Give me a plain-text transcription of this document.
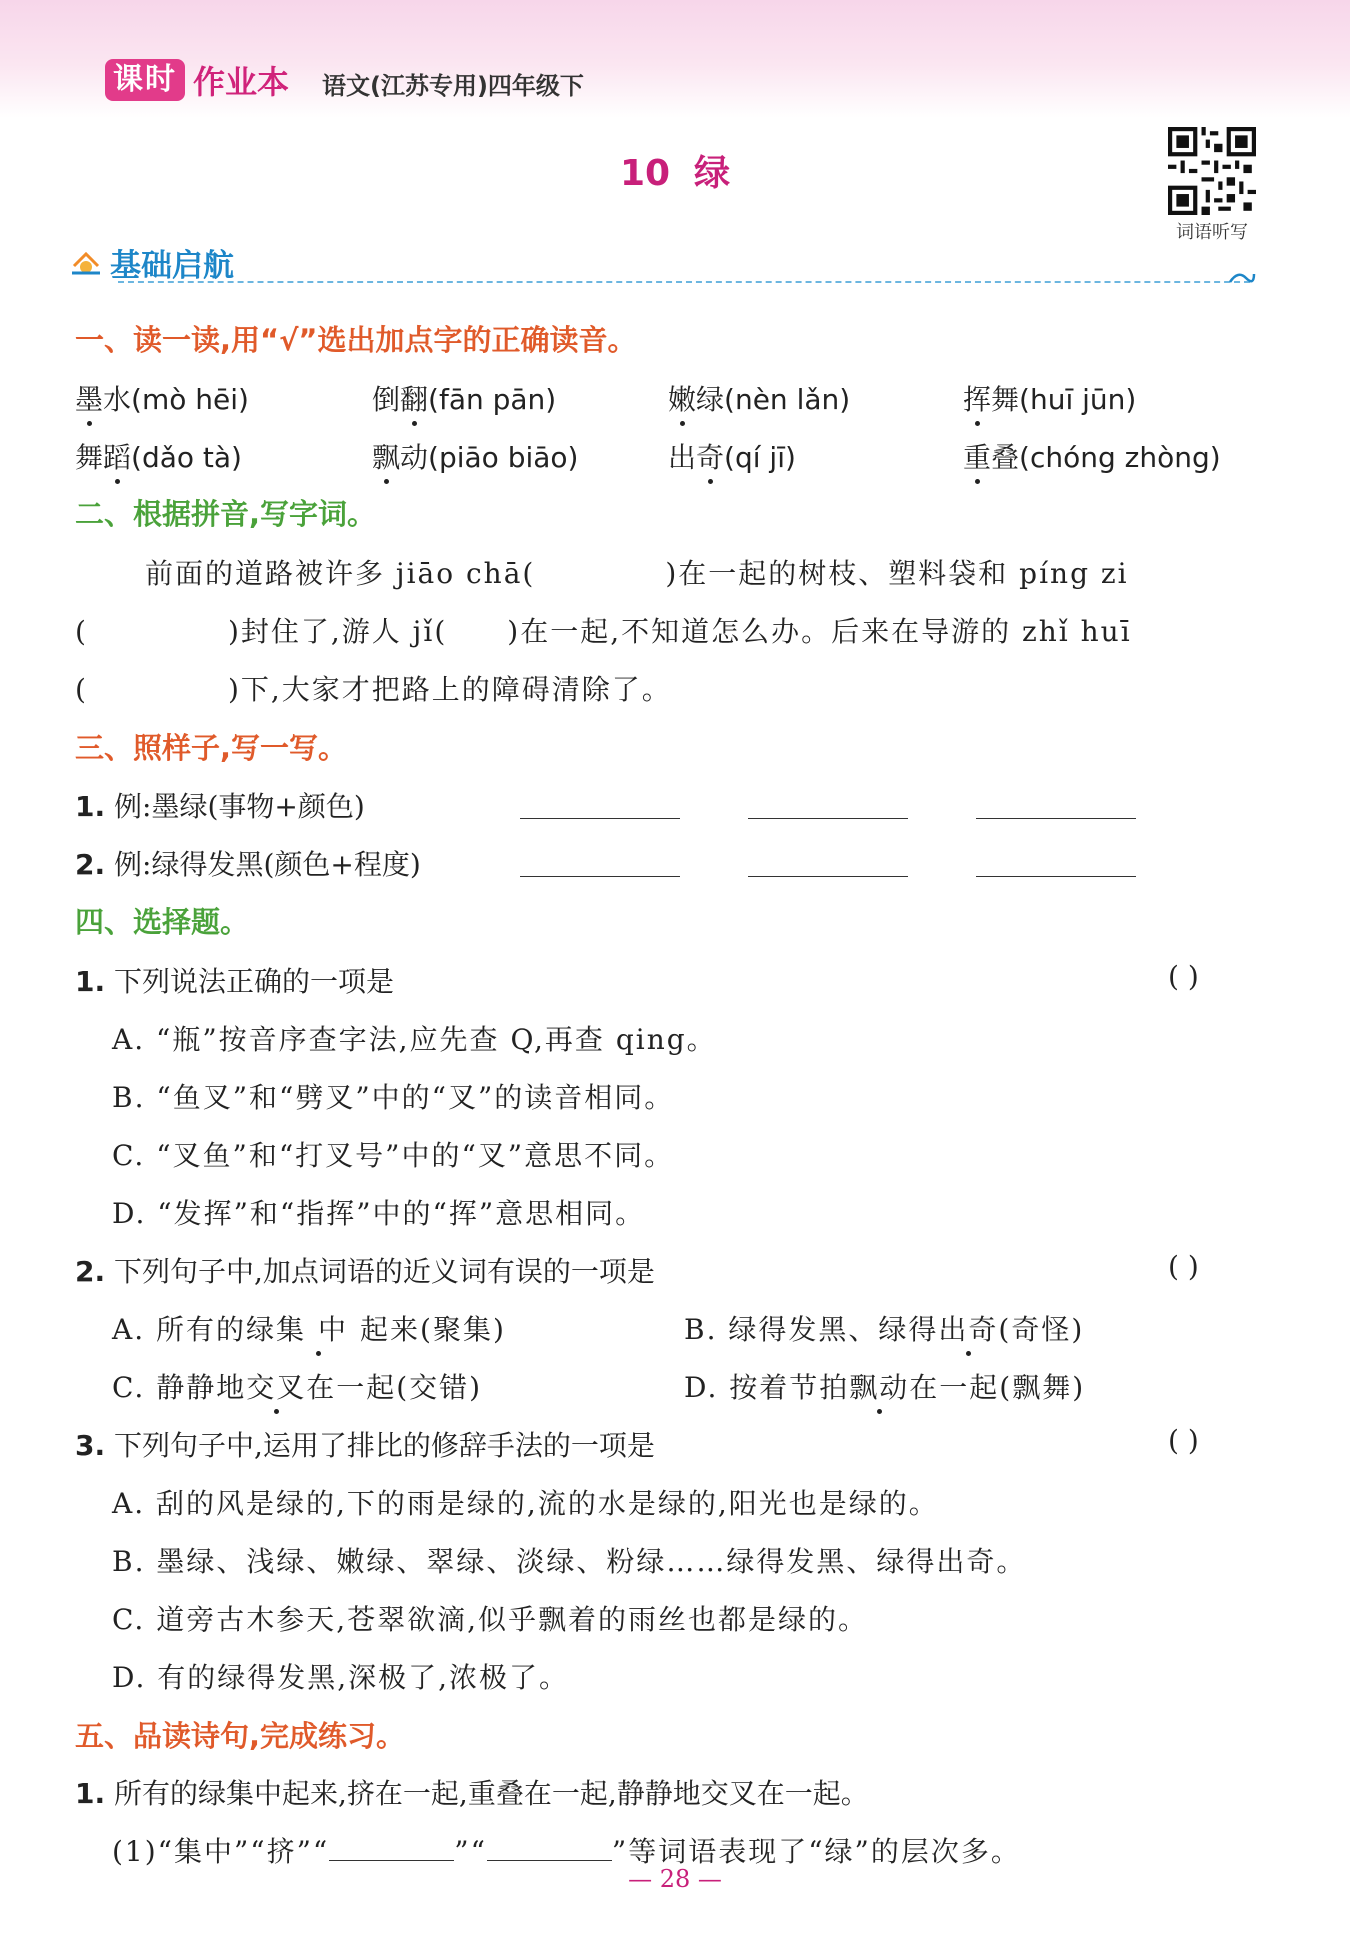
课时 作业本 语文(江苏专用)四年级下
10 绿
词语听写
基础启航
一、读一读,用“√”选出加点字的正确读音。
墨水(mò hēi)	倒翻(fān pān)	嫩绿(nèn lǎn)	挥舞(huī jūn)
舞蹈(dǎo tà)	飘动(piāo biāo)	出奇(qí jī)	重叠(chóng zhòng)
二、根据拼音,写字词。
前面的道路被许多 jiāo chā(	)在一起的树枝、塑料袋和 píng zi
(	)封住了,游人 jǐ( )在一起,不知道怎么办。后来在导游的 zhǐ huī
(	)下,大家才把路上的障碍清除了。
三、照样子,写一写。
1. 例:墨绿(事物+颜色)
2. 例:绿得发黑(颜色+程度)
四、选择题。
1. 下列说法正确的一项是	( )
A. “瓶”按音序查字法,应先查 Q,再查 qing。
B. “鱼叉”和“劈叉”中的“叉”的读音相同。
C. “叉鱼”和“打叉号”中的“叉”意思不同。
D. “发挥”和“指挥”中的“挥”意思相同。
2. 下列句子中,加点词语的近义词有误的一项是	( )
A. 所有的绿集中起来(聚集)	B. 绿得发黑、绿得出奇(奇怪)
C. 静静地交叉在一起(交错)	D. 按着节拍飘动在一起(飘舞)
3. 下列句子中,运用了排比的修辞手法的一项是	( )
A. 刮的风是绿的,下的雨是绿的,流的水是绿的,阳光也是绿的。
B. 墨绿、浅绿、嫩绿、翠绿、淡绿、粉绿……绿得发黑、绿得出奇。
C. 道旁古木参天,苍翠欲滴,似乎飘着的雨丝也都是绿的。
D. 有的绿得发黑,深极了,浓极了。
五、品读诗句,完成练习。
1. 所有的绿集中起来,挤在一起,重叠在一起,静静地交叉在一起。
(1)“集中”“挤”“	”“	”等词语表现了“绿”的层次多。
— 28 —
